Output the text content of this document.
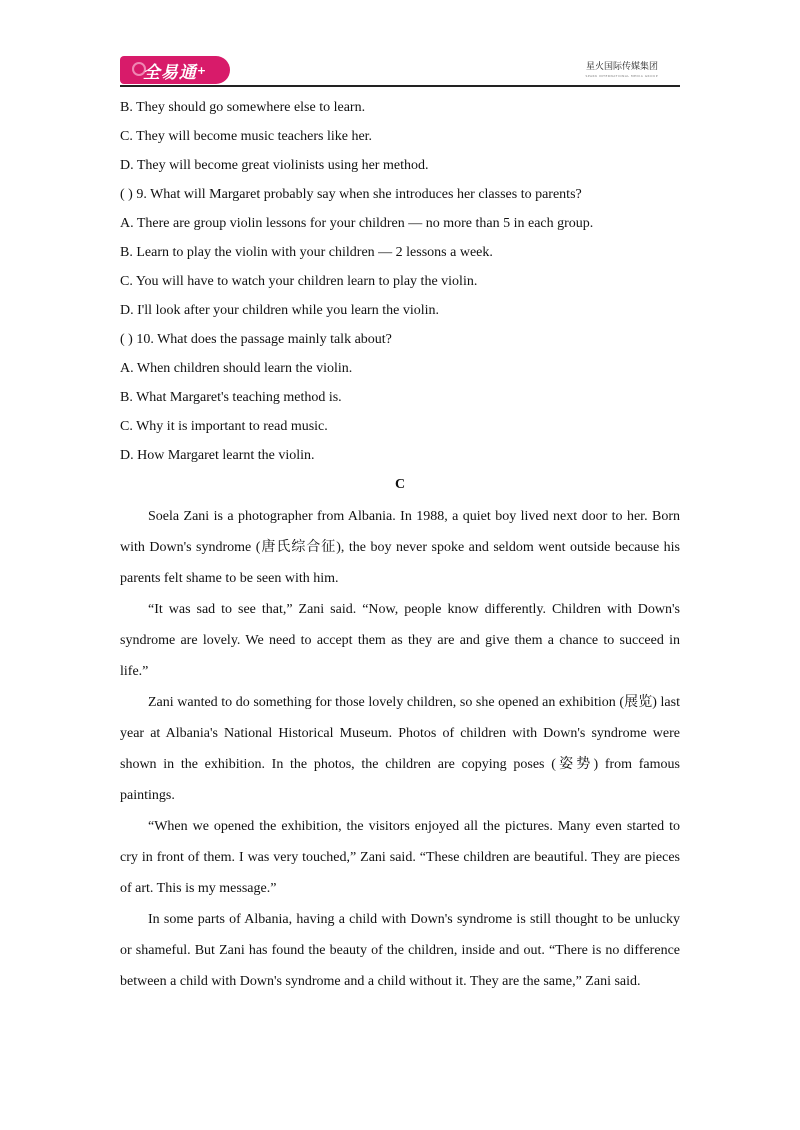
全易通 +	星火国际传媒集团
SPARK INTERNATIONAL MEDIA GROUP
B. They should go somewhere else to learn.
C. They will become music teachers like her.
D. They will become great violinists using her method.
( ) 9. What will Margaret probably say when she introduces her classes to parents?
A. There are group violin lessons for your children — no more than 5 in each group.
B. Learn to play the violin with your children — 2 lessons a week.
C. You will have to watch your children learn to play the violin.
D. I'll look after your children while you learn the violin.
( ) 10. What does the passage mainly talk about?
A. When children should learn the violin.
B. What Margaret's teaching method is.
C. Why it is important to read music.
D. How Margaret learnt the violin.
C

Soela Zani is a photographer from Albania. In 1988, a quiet boy lived next door to her. Born with Down's syndrome (唐氏综合征), the boy never spoke and seldom went outside because his parents felt shame to be seen with him.

“It was sad to see that,” Zani said. “Now, people know differently. Children with Down's syndrome are lovely. We need to accept them as they are and give them a chance to succeed in life.”

Zani wanted to do something for those lovely children, so she opened an exhibition (展览) last year at Albania's National Historical Museum. Photos of children with Down's syndrome were shown in the exhibition. In the photos, the children are copying poses (姿势) from famous paintings.

“When we opened the exhibition, the visitors enjoyed all the pictures. Many even started to cry in front of them. I was very touched,” Zani said. “These children are beautiful. They are pieces of art. This is my message.”

In some parts of Albania, having a child with Down's syndrome is still thought to be unlucky or shameful. But Zani has found the beauty of the children, inside and out. “There is no difference between a child with Down's syndrome and a child without it. They are the same,” Zani said.
